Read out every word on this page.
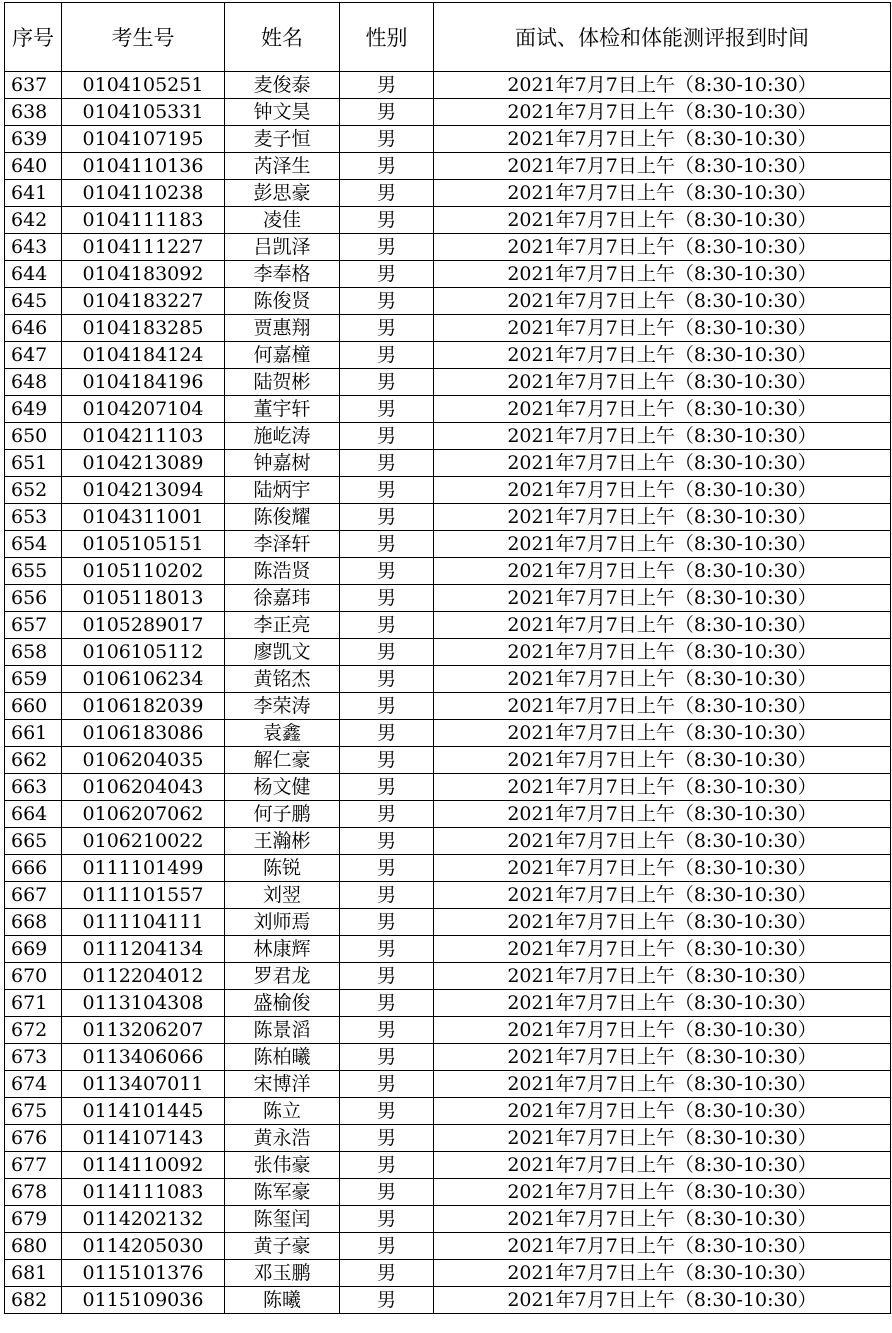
序号	考生号	姓名	性别	面试、体检和体能测评报到时间
637	0104105251	麦俊泰	男	2021年7月7日上午（8:30-10:30）
638	0104105331	钟文昊	男	2021年7月7日上午（8:30-10:30）
639	0104107195	麦子恒	男	2021年7月7日上午（8:30-10:30）
640	0104110136	芮泽生	男	2021年7月7日上午（8:30-10:30）
641	0104110238	彭思豪	男	2021年7月7日上午（8:30-10:30）
642	0104111183	凌佳	男	2021年7月7日上午（8:30-10:30）
643	0104111227	吕凯泽	男	2021年7月7日上午（8:30-10:30）
644	0104183092	李奉格	男	2021年7月7日上午（8:30-10:30）
645	0104183227	陈俊贤	男	2021年7月7日上午（8:30-10:30）
646	0104183285	贾惠翔	男	2021年7月7日上午（8:30-10:30）
647	0104184124	何嘉橦	男	2021年7月7日上午（8:30-10:30）
648	0104184196	陆贺彬	男	2021年7月7日上午（8:30-10:30）
649	0104207104	董宇轩	男	2021年7月7日上午（8:30-10:30）
650	0104211103	施屹涛	男	2021年7月7日上午（8:30-10:30）
651	0104213089	钟嘉树	男	2021年7月7日上午（8:30-10:30）
652	0104213094	陆炳宇	男	2021年7月7日上午（8:30-10:30）
653	0104311001	陈俊耀	男	2021年7月7日上午（8:30-10:30）
654	0105105151	李泽轩	男	2021年7月7日上午（8:30-10:30）
655	0105110202	陈浩贤	男	2021年7月7日上午（8:30-10:30）
656	0105118013	徐嘉玮	男	2021年7月7日上午（8:30-10:30）
657	0105289017	李正亮	男	2021年7月7日上午（8:30-10:30）
658	0106105112	廖凯文	男	2021年7月7日上午（8:30-10:30）
659	0106106234	黄铭杰	男	2021年7月7日上午（8:30-10:30）
660	0106182039	李荣涛	男	2021年7月7日上午（8:30-10:30）
661	0106183086	袁鑫	男	2021年7月7日上午（8:30-10:30）
662	0106204035	解仁豪	男	2021年7月7日上午（8:30-10:30）
663	0106204043	杨文健	男	2021年7月7日上午（8:30-10:30）
664	0106207062	何子鹏	男	2021年7月7日上午（8:30-10:30）
665	0106210022	王瀚彬	男	2021年7月7日上午（8:30-10:30）
666	0111101499	陈锐	男	2021年7月7日上午（8:30-10:30）
667	0111101557	刘翌	男	2021年7月7日上午（8:30-10:30）
668	0111104111	刘师焉	男	2021年7月7日上午（8:30-10:30）
669	0111204134	林康辉	男	2021年7月7日上午（8:30-10:30）
670	0112204012	罗君龙	男	2021年7月7日上午（8:30-10:30）
671	0113104308	盛榆俊	男	2021年7月7日上午（8:30-10:30）
672	0113206207	陈景滔	男	2021年7月7日上午（8:30-10:30）
673	0113406066	陈柏曦	男	2021年7月7日上午（8:30-10:30）
674	0113407011	宋博洋	男	2021年7月7日上午（8:30-10:30）
675	0114101445	陈立	男	2021年7月7日上午（8:30-10:30）
676	0114107143	黄永浩	男	2021年7月7日上午（8:30-10:30）
677	0114110092	张伟豪	男	2021年7月7日上午（8:30-10:30）
678	0114111083	陈军豪	男	2021年7月7日上午（8:30-10:30）
679	0114202132	陈玺闰	男	2021年7月7日上午（8:30-10:30）
680	0114205030	黄子豪	男	2021年7月7日上午（8:30-10:30）
681	0115101376	邓玉鹏	男	2021年7月7日上午（8:30-10:30）
682	0115109036	陈曦	男	2021年7月7日上午（8:30-10:30）
